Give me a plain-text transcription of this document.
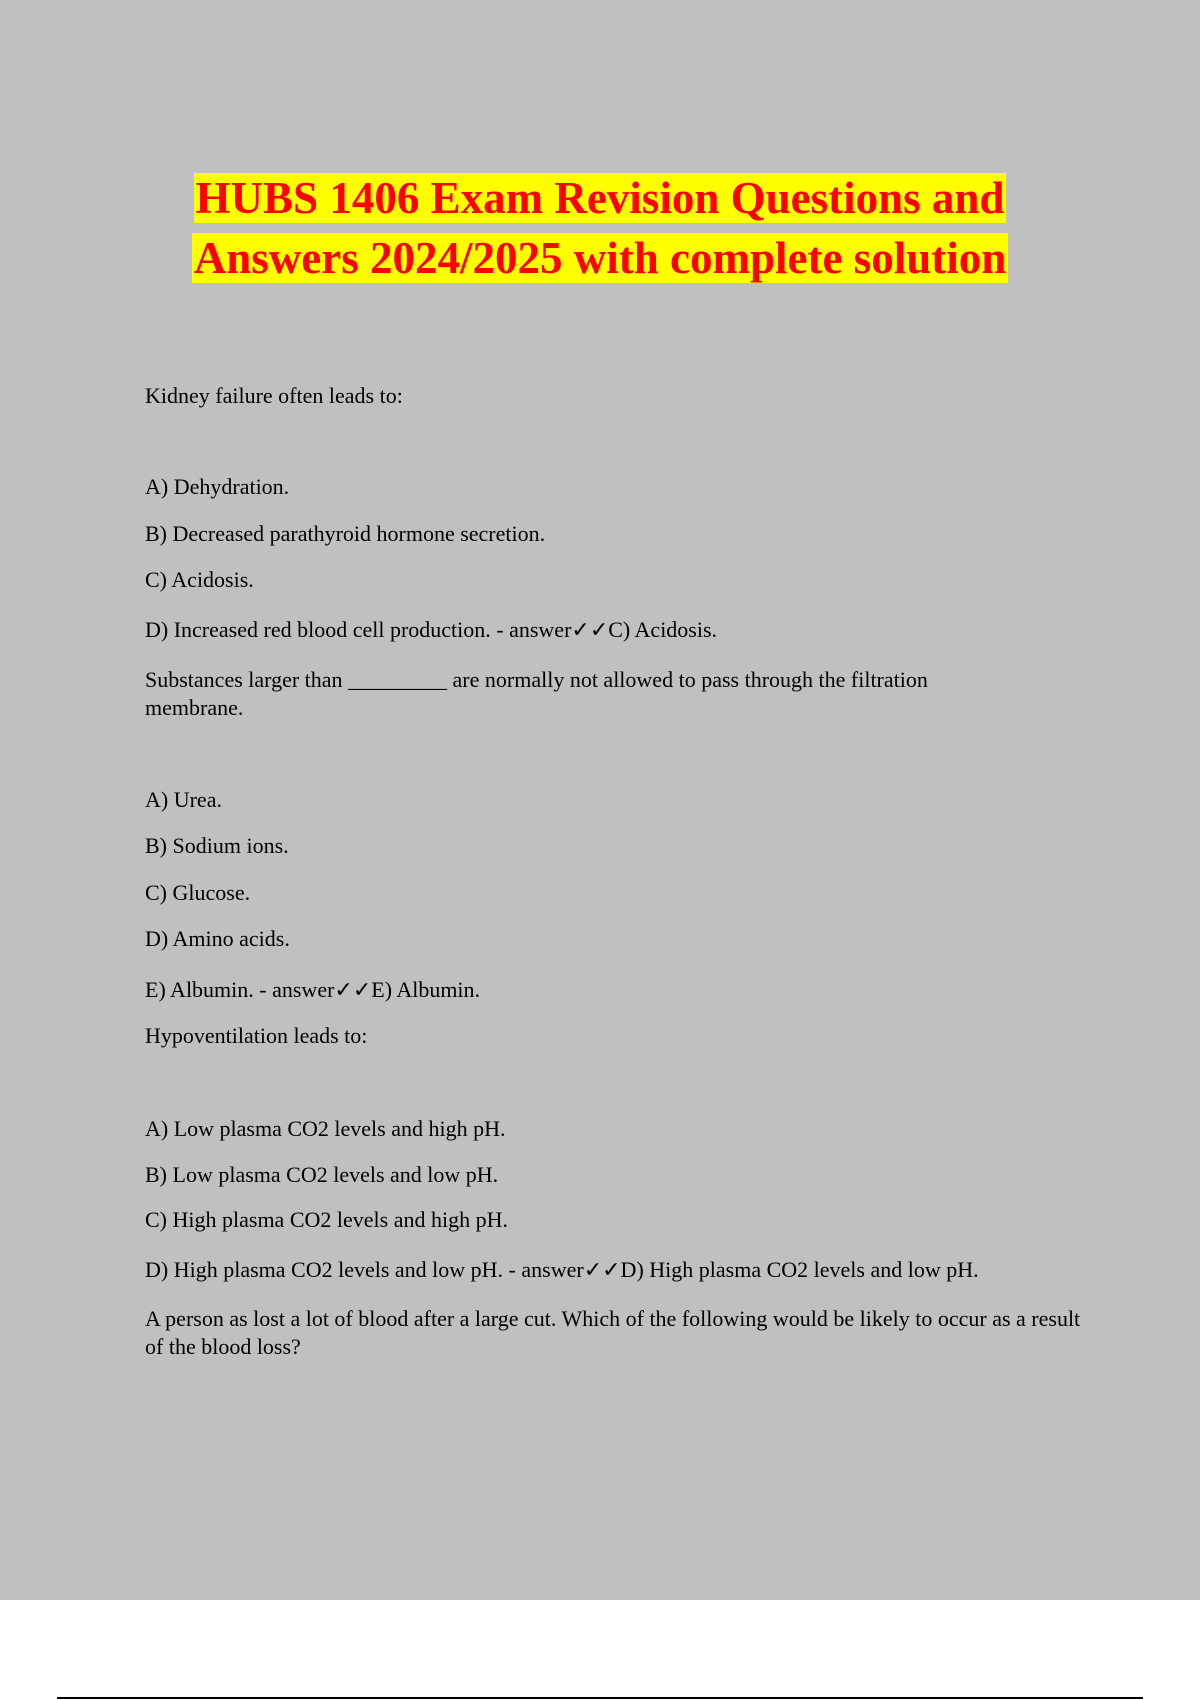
HUBS 1406 Exam Revision Questions and
Answers 2024/2025 with complete solution
Kidney failure often leads to:
A) Dehydration.
B) Decreased parathyroid hormone secretion.
C) Acidosis.
D) Increased red blood cell production. - answer✓✓C) Acidosis.
Substances larger than _________ are normally not allowed to pass through the filtration membrane.
A) Urea.
B) Sodium ions.
C) Glucose.
D) Amino acids.
E) Albumin. - answer✓✓E) Albumin.
Hypoventilation leads to:
A) Low plasma CO2 levels and high pH.
B) Low plasma CO2 levels and low pH.
C) High plasma CO2 levels and high pH.
D) High plasma CO2 levels and low pH. - answer✓✓D) High plasma CO2 levels and low pH.
A person as lost a lot of blood after a large cut. Which of the following would be likely to occur as a result of the blood loss?
